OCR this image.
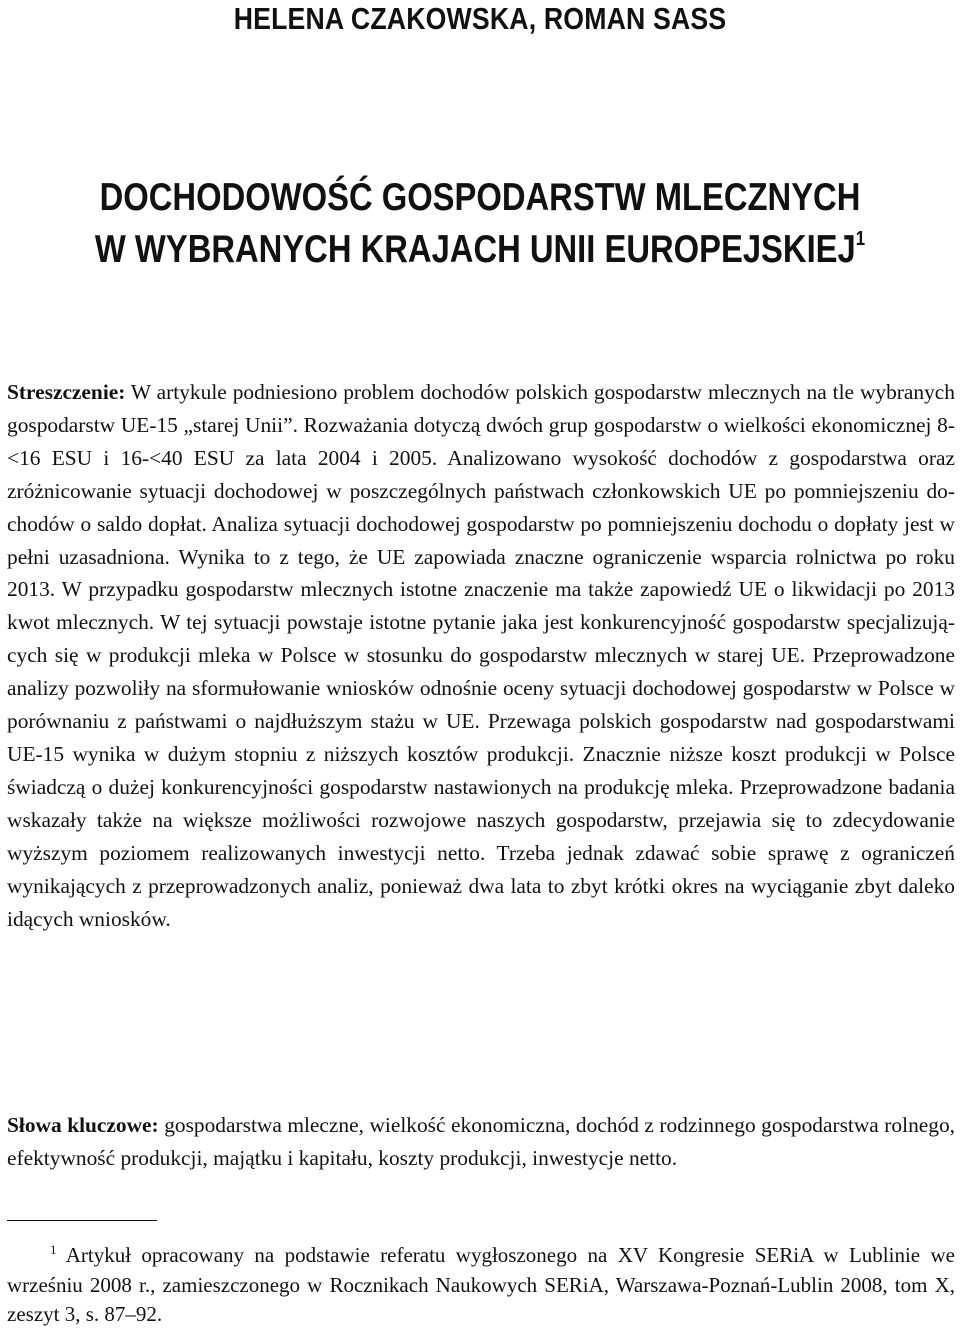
HELENA CZAKOWSKA, ROMAN SASS
DOCHODOWOŚĆ GOSPODARSTW MLECZNYCH
W WYBRANYCH KRAJACH UNII EUROPEJSKIEJ$^1$

Streszczenie: W artykule podniesiono problem dochodów polskich gospodarstw mlecznych na tle wybranych gospodarstw UE-15 „starej Unii”. Rozważania dotyczą dwóch grup gospodarstw o wielkości ekonomicznej 8-<16 ESU i 16-<40 ESU za lata 2004 i 2005. Analizowano wysokość dochodów z gospodarstwa oraz zróżnicowanie sytuacji dochodowej w poszczególnych państwach członkowskich UE po pomniejszeniu dochodów o saldo dopłat. Analiza sytuacji dochodowej gospodarstw po pomniejszeniu dochodu o dopłaty jest w pełni uzasadniona. Wynika to z tego, że UE zapowiada znaczne ograniczenie wsparcia rolnictwa po roku 2013. W przypadku gospodarstw mlecznych istotne znaczenie ma także zapowiedź UE o likwidacji po 2013 kwot mlecznych. W tej sytuacji powstaje istotne pytanie jaka jest konkurencyjność gospodarstw specjalizujących się w produkcji mleka w Polsce w stosunku do gospodarstw mlecznych w starej UE. Przeprowadzone analizy pozwoliły na sformułowanie wniosków odnośnie oceny sytuacji dochodowej gospodarstw w Polsce w porównaniu z państwami o najdłuższym stażu w UE. Przewaga polskich gospodarstw nad gospodarstwami UE-15 wynika w dużym stopniu z niższych kosztów produkcji. Znacznie niższe koszt produkcji w Polsce świadczą o dużej konkurencyjności gospodarstw nastawionych na produkcję mleka. Przeprowadzone badania wskazały także na większe możliwości rozwojowe naszych gospodarstw, przejawia się to zdecydowanie wyższym poziomem realizowanych inwestycji netto. Trzeba jednak zdawać sobie sprawę z ograniczeń wynikających z przeprowadzonych analiz, ponieważ dwa lata to zbyt krótki okres na wyciąganie zbyt daleko idących wniosków.

Słowa kluczowe: gospodarstwa mleczne, wielkość ekonomiczna, dochód z rodzinnego gospodarstwa rolnego, efektywność produkcji, majątku i kapitału, koszty produkcji, inwestycje netto.

$^1$ Artykuł opracowany na podstawie referatu wygłoszonego na XV Kongresie SERiA w Lublinie we wrześniu 2008 r., zamieszczonego w Rocznikach Naukowych SERiA, Warszawa-Poznań-Lublin 2008, tom X, zeszyt 3, s. 87–92.
